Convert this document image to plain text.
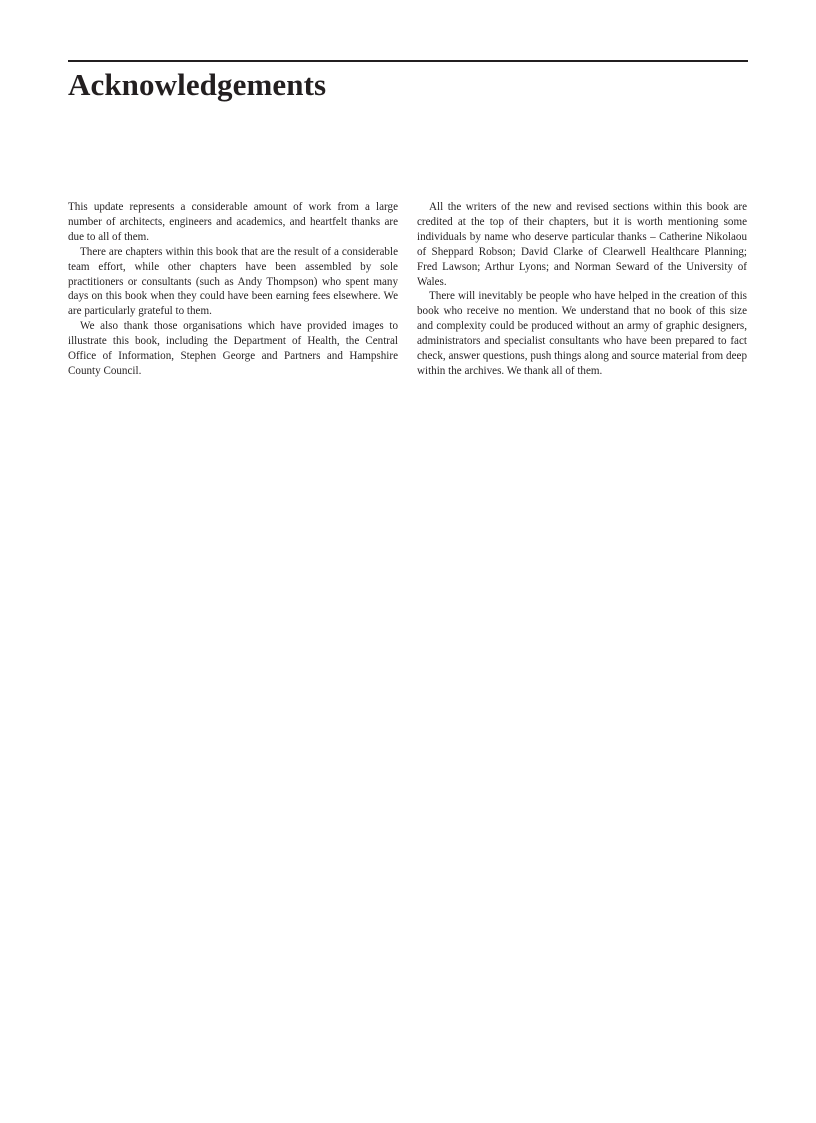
Acknowledgements

This update represents a considerable amount of work from a large number of architects, engineers and academics, and heartfelt thanks are due to all of them.

There are chapters within this book that are the result of a considerable team effort, while other chapters have been assembled by sole practitioners or consultants (such as Andy Thompson) who spent many days on this book when they could have been earning fees elsewhere. We are particularly grateful to them.

We also thank those organisations which have provided images to illustrate this book, including the Department of Health, the Central Office of Information, Stephen George and Partners and Hampshire County Council.

All the writers of the new and revised sections within this book are credited at the top of their chapters, but it is worth mentioning some individuals by name who deserve particular thanks – Catherine Nikolaou of Sheppard Robson; David Clarke of Clearwell Healthcare Planning; Fred Lawson; Arthur Lyons; and Norman Seward of the University of Wales.

There will inevitably be people who have helped in the creation of this book who receive no mention. We understand that no book of this size and complexity could be produced without an army of graphic designers, administrators and specialist consultants who have been prepared to fact check, answer questions, push things along and source material from deep within the archives. We thank all of them.
